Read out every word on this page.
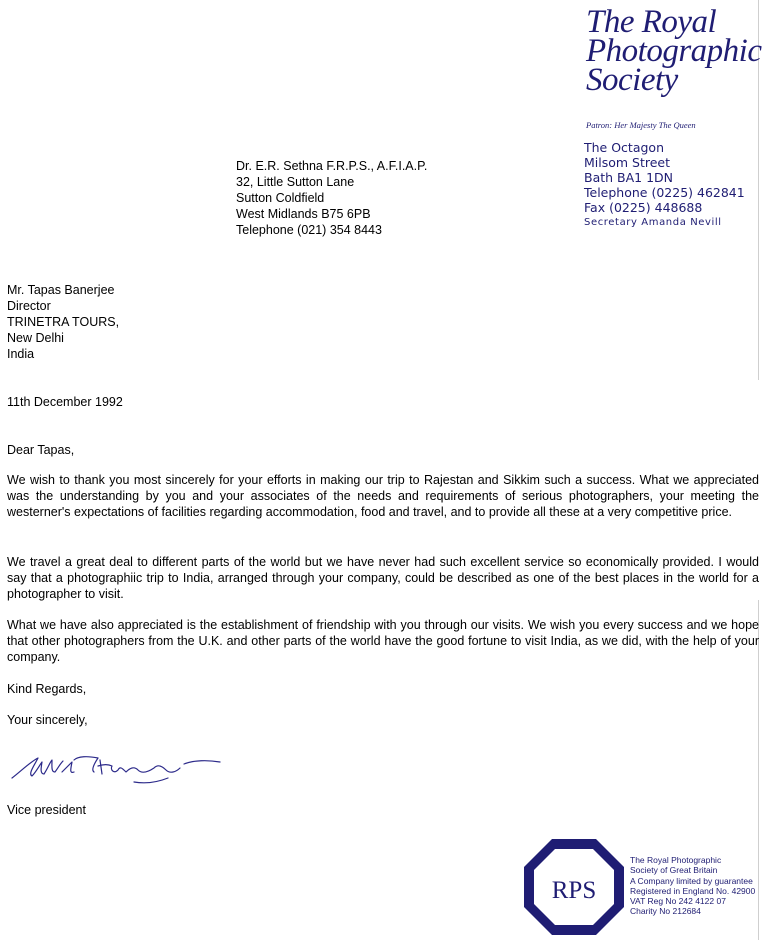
The Royal
Photographic
Society
Patron: Her Majesty The Queen
The Octagon
Milsom Street
Bath BA1 1DN
Telephone (0225) 462841
Fax (0225) 448688
Secretary Amanda Nevill
Dr. E.R. Sethna F.R.P.S., A.F.I.A.P.
32, Little Sutton Lane
Sutton Coldfield
West Midlands B75 6PB
Telephone (021) 354 8443
Mr. Tapas Banerjee
Director
TRINETRA TOURS,
New Delhi
India
11th December 1992
Dear Tapas,

We wish to thank you most sincerely for your efforts in making our trip to Rajestan and Sikkim such a success. What we appreciated was the understanding by you and your associates of the needs and requirements of serious photographers, your meeting the westerner's expectations of facilities regarding accommodation, food and travel, and to provide all these at a very competitive price.

We travel a great deal to different parts of the world but we have never had such excellent service so economically provided. I would say that a photographiic trip to India, arranged through your company, could be described as one of the best places in the world for a photographer to visit.

What we have also appreciated is the establishment of friendship with you through our visits. We wish you every success and we hope that other photographers from the U.K. and other parts of the world have the good fortune to visit India, as we did, with the help of your company.

Kind Regards,
Your sincerely,
Vice president
RPS
The Royal Photographic
Society of Great Britain
A Company limited by guarantee
Registered in England No. 42900
VAT Reg No 242 4122 07
Charity No 212684
